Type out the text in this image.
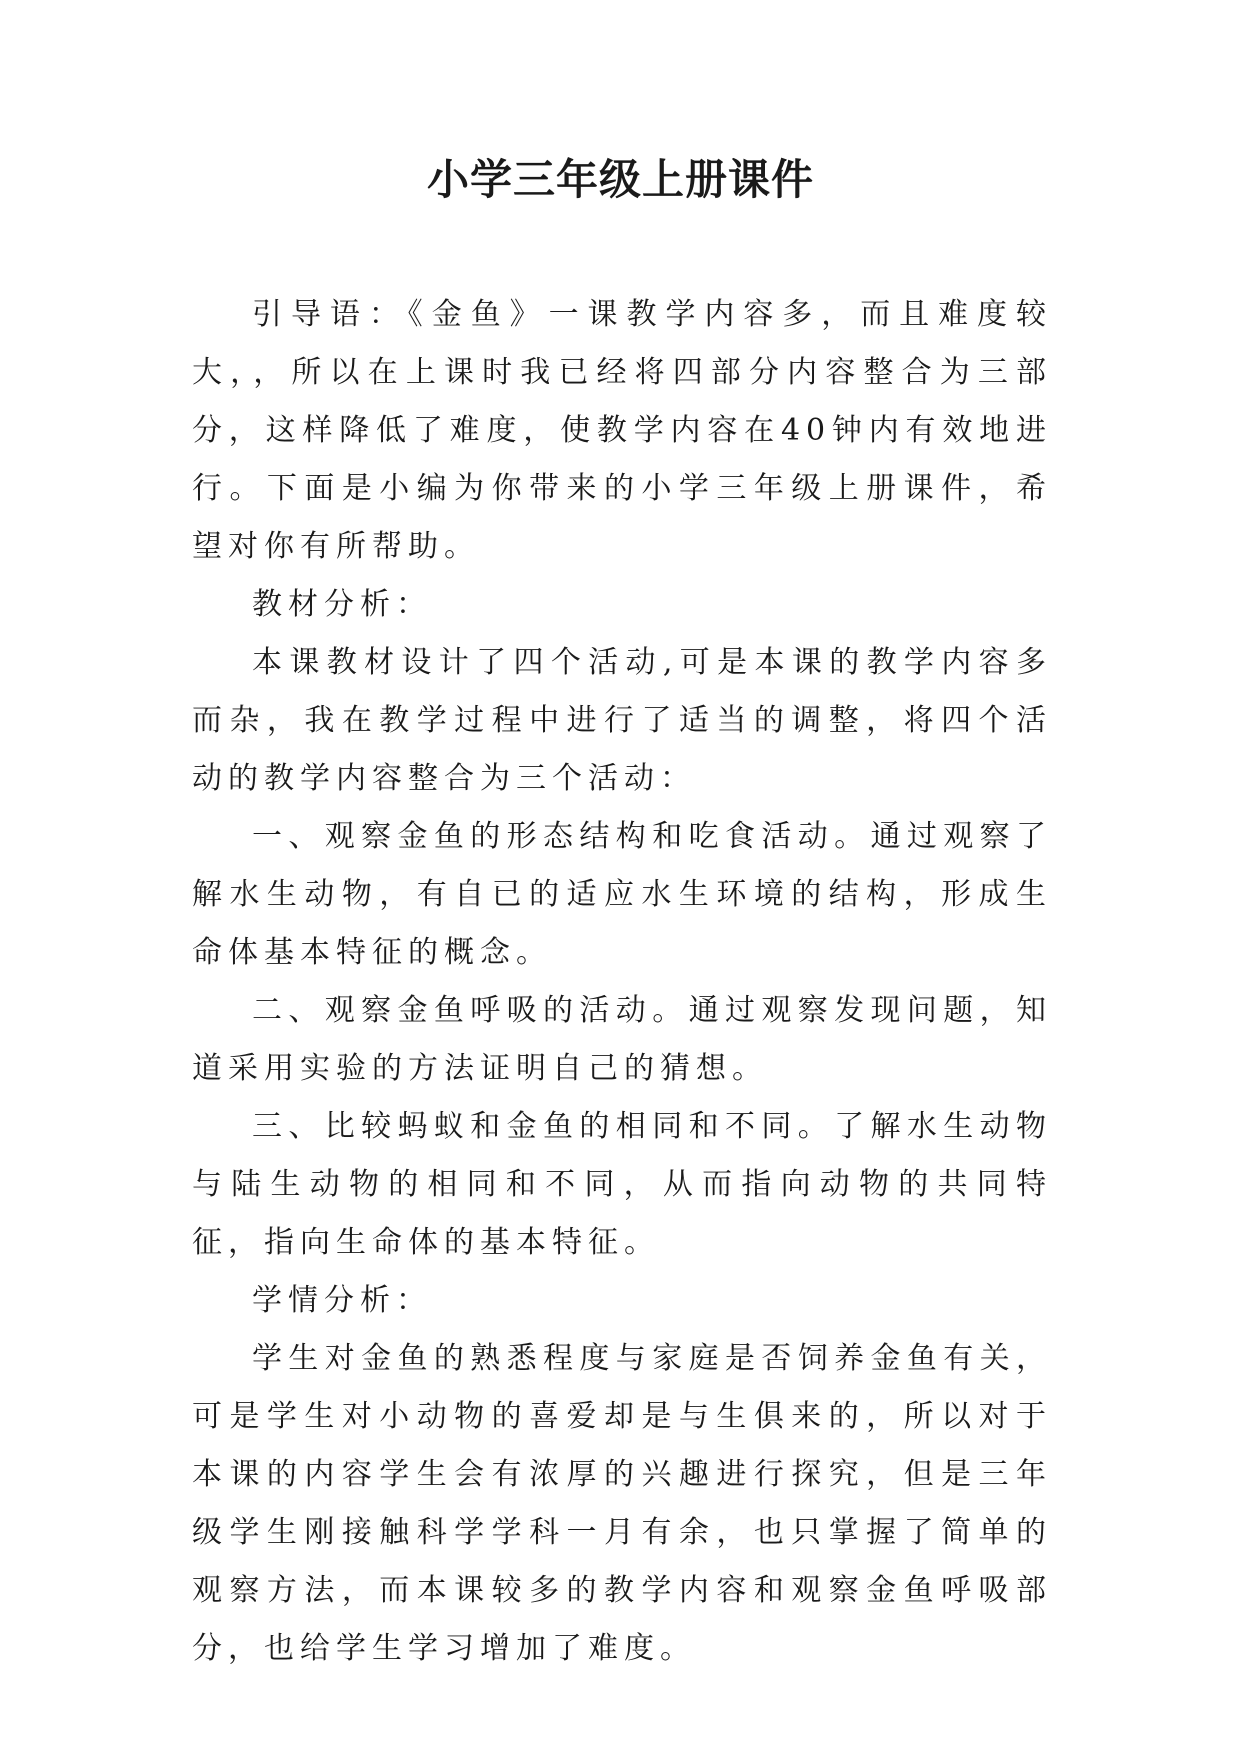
小学三年级上册课件

引导语：《金鱼》一课教学内容多，而且难度较大，，所以在上课时我已经将四部分内容整合为三部分，这样降低了难度，使教学内容在40钟内有效地进行。下面是小编为你带来的小学三年级上册课件，希望对你有所帮助。

教材分析：

本课教材设计了四个活动,可是本课的教学内容多而杂，我在教学过程中进行了适当的调整，将四个活动的教学内容整合为三个活动：

一、观察金鱼的形态结构和吃食活动。通过观察了解水生动物，有自已的适应水生环境的结构，形成生命体基本特征的概念。

二、观察金鱼呼吸的活动。通过观察发现问题，知道采用实验的方法证明自己的猜想。

三、比较蚂蚁和金鱼的相同和不同。了解水生动物与陆生动物的相同和不同，从而指向动物的共同特征，指向生命体的基本特征。

学情分析：

学生对金鱼的熟悉程度与家庭是否饲养金鱼有关，可是学生对小动物的喜爱却是与生俱来的，所以对于本课的内容学生会有浓厚的兴趣进行探究，但是三年级学生刚接触科学学科一月有余，也只掌握了简单的观察方法，而本课较多的教学内容和观察金鱼呼吸部分，也给学生学习增加了难度。
